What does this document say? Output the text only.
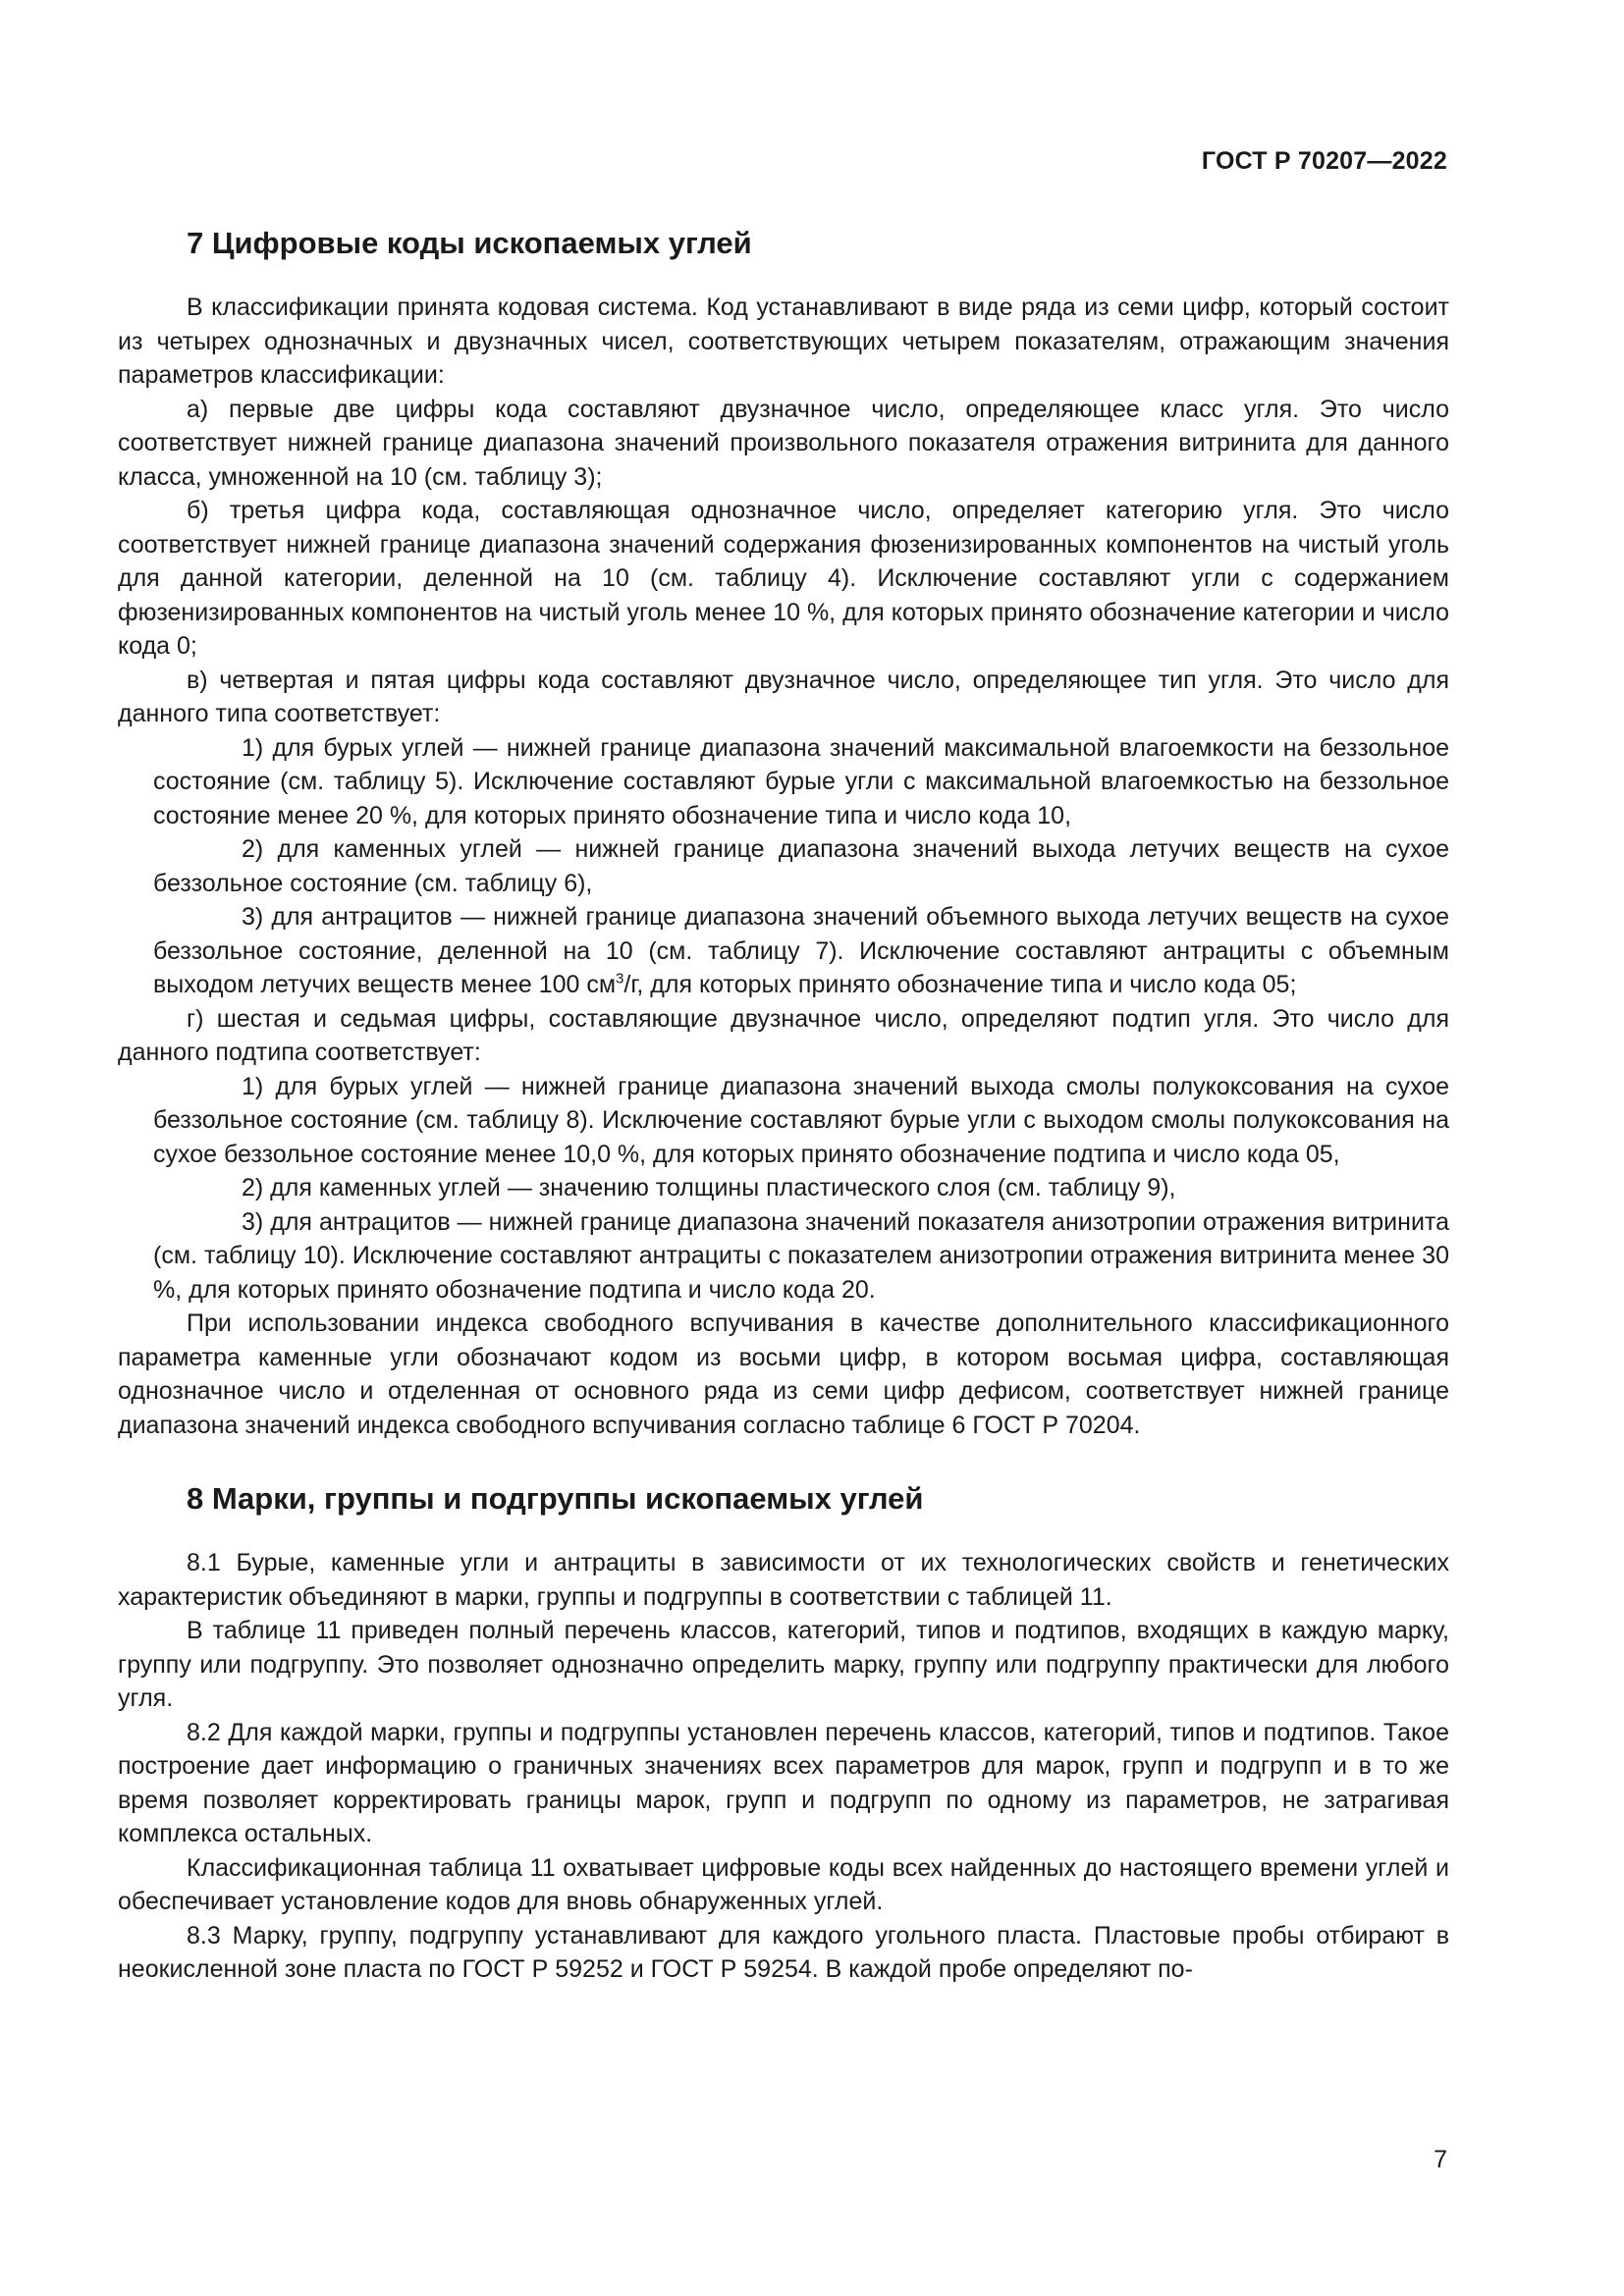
ГОСТ Р 70207—2022
7 Цифровые коды ископаемых углей

В классификации принята кодовая система. Код устанавливают в виде ряда из семи цифр, который состоит из четырех однозначных и двузначных чисел, соответствующих четырем показателям, отражающим значения параметров классификации:

а) первые две цифры кода составляют двузначное число, определяющее класс угля. Это число соответствует нижней границе диапазона значений произвольного показателя отражения витринита для данного класса, умноженной на 10 (см. таблицу 3);

б) третья цифра кода, составляющая однозначное число, определяет категорию угля. Это число соответствует нижней границе диапазона значений содержания фюзенизированных компонентов на чистый уголь для данной категории, деленной на 10 (см. таблицу 4). Исключение составляют угли с содержанием фюзенизированных компонентов на чистый уголь менее 10 %, для которых принято обозначение категории и число кода 0;

в) четвертая и пятая цифры кода составляют двузначное число, определяющее тип угля. Это число для данного типа соответствует:

1) для бурых углей — нижней границе диапазона значений максимальной влагоемкости на беззольное состояние (см. таблицу 5). Исключение составляют бурые угли с максимальной влагоемкостью на беззольное состояние менее 20 %, для которых принято обозначение типа и число кода 10,

2) для каменных углей — нижней границе диапазона значений выхода летучих веществ на сухое беззольное состояние (см. таблицу 6),

3) для антрацитов — нижней границе диапазона значений объемного выхода летучих веществ на сухое беззольное состояние, деленной на 10 (см. таблицу 7). Исключение составляют антрациты с объемным выходом летучих веществ менее 100 $см^3/г$, для которых принято обозначение типа и число кода 05;

г) шестая и седьмая цифры, составляющие двузначное число, определяют подтип угля. Это число для данного подтипа соответствует:

1) для бурых углей — нижней границе диапазона значений выхода смолы полукоксования на сухое беззольное состояние (см. таблицу 8). Исключение составляют бурые угли с выходом смолы полукоксования на сухое беззольное состояние менее 10,0 %, для которых принято обозначение подтипа и число кода 05,

2) для каменных углей — значению толщины пластического слоя (см. таблицу 9),

3) для антрацитов — нижней границе диапазона значений показателя анизотропии отражения витринита (см. таблицу 10). Исключение составляют антрациты с показателем анизотропии отражения витринита менее 30 %, для которых принято обозначение подтипа и число кода 20.

При использовании индекса свободного вспучивания в качестве дополнительного классификационного параметра каменные угли обозначают кодом из восьми цифр, в котором восьмая цифра, составляющая однозначное число и отделенная от основного ряда из семи цифр дефисом, соответствует нижней границе диапазона значений индекса свободного вспучивания согласно таблице 6 ГОСТ Р 70204.

8 Марки, группы и подгруппы ископаемых углей

8.1 Бурые, каменные угли и антрациты в зависимости от их технологических свойств и генетических характеристик объединяют в марки, группы и подгруппы в соответствии с таблицей 11.

В таблице 11 приведен полный перечень классов, категорий, типов и подтипов, входящих в каждую марку, группу или подгруппу. Это позволяет однозначно определить марку, группу или подгруппу практически для любого угля.

8.2 Для каждой марки, группы и подгруппы установлен перечень классов, категорий, типов и подтипов. Такое построение дает информацию о граничных значениях всех параметров для марок, групп и подгрупп и в то же время позволяет корректировать границы марок, групп и подгрупп по одному из параметров, не затрагивая комплекса остальных.

Классификационная таблица 11 охватывает цифровые коды всех найденных до настоящего времени углей и обеспечивает установление кодов для вновь обнаруженных углей.

8.3 Марку, группу, подгруппу устанавливают для каждого угольного пласта. Пластовые пробы отбирают в неокисленной зоне пласта по ГОСТ Р 59252 и ГОСТ Р 59254. В каждой пробе определяют по-

7
